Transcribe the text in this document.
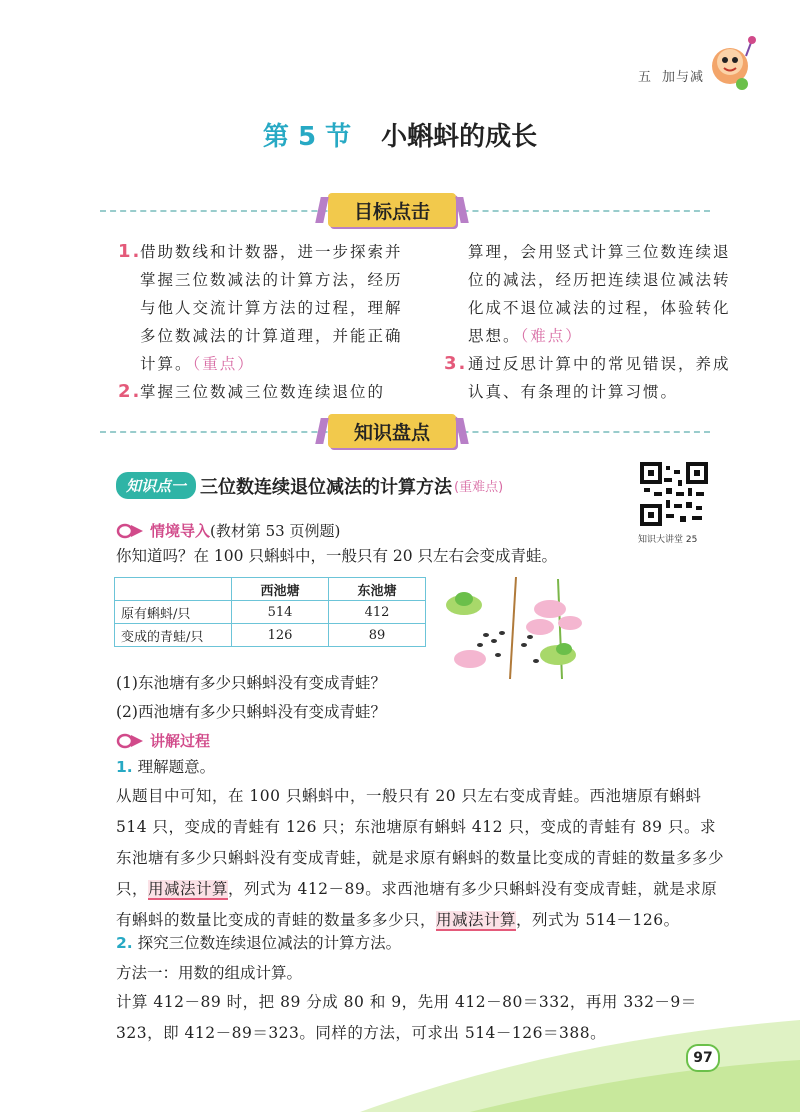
五 加与减
第 5 节 小蝌蚪的成长
目标点击
1.
借助数线和计数器，进一步探索并掌握三位数减法的计算方法，经历与他人交流计算方法的过程，理解多位数减法的计算道理，并能正确计算。（重点）
2.
掌握三位数减三位数连续退位的
算理，会用竖式计算三位数连续退位的减法，经历把连续退位减法转化成不退位减法的过程，体验转化思想。（难点）
3. 通过反思计算中的常见错误，养成认真、有条理的计算习惯。
知识盘点
知识点一 三位数连续退位减法的计算方法 (重难点)
知识大讲堂 25
情境导入 (教材第 53 页例题)
你知道吗？在 100 只蝌蚪中，一般只有 20 只左右会变成青蛙。
	西池塘	东池塘
原有蝌蚪/只	514	412
变成的青蛙/只	126	89
(1)东池塘有多少只蝌蚪没有变成青蛙？
(2)西池塘有多少只蝌蚪没有变成青蛙？
讲解过程
1. 理解题意。
从题目中可知，在 100 只蝌蚪中，一般只有 20 只左右变成青蛙。西池塘原有蝌蚪 514 只，变成的青蛙有 126 只；东池塘原有蝌蚪 412 只，变成的青蛙有 89 只。求东池塘有多少只蝌蚪没有变成青蛙，就是求原有蝌蚪的数量比变成的青蛙的数量多多少只，用减法计算，列式为 412－89。求西池塘有多少只蝌蚪没有变成青蛙，就是求原有蝌蚪的数量比变成的青蛙的数量多多少只，用减法计算，列式为 514－126。
2. 探究三位数连续退位减法的计算方法。
方法一：用数的组成计算。
计算 412－89 时，把 89 分成 80 和 9，先用 412－80＝332，再用 332－9＝323，即 412－89＝323。同样的方法，可求出 514－126＝388。
97
